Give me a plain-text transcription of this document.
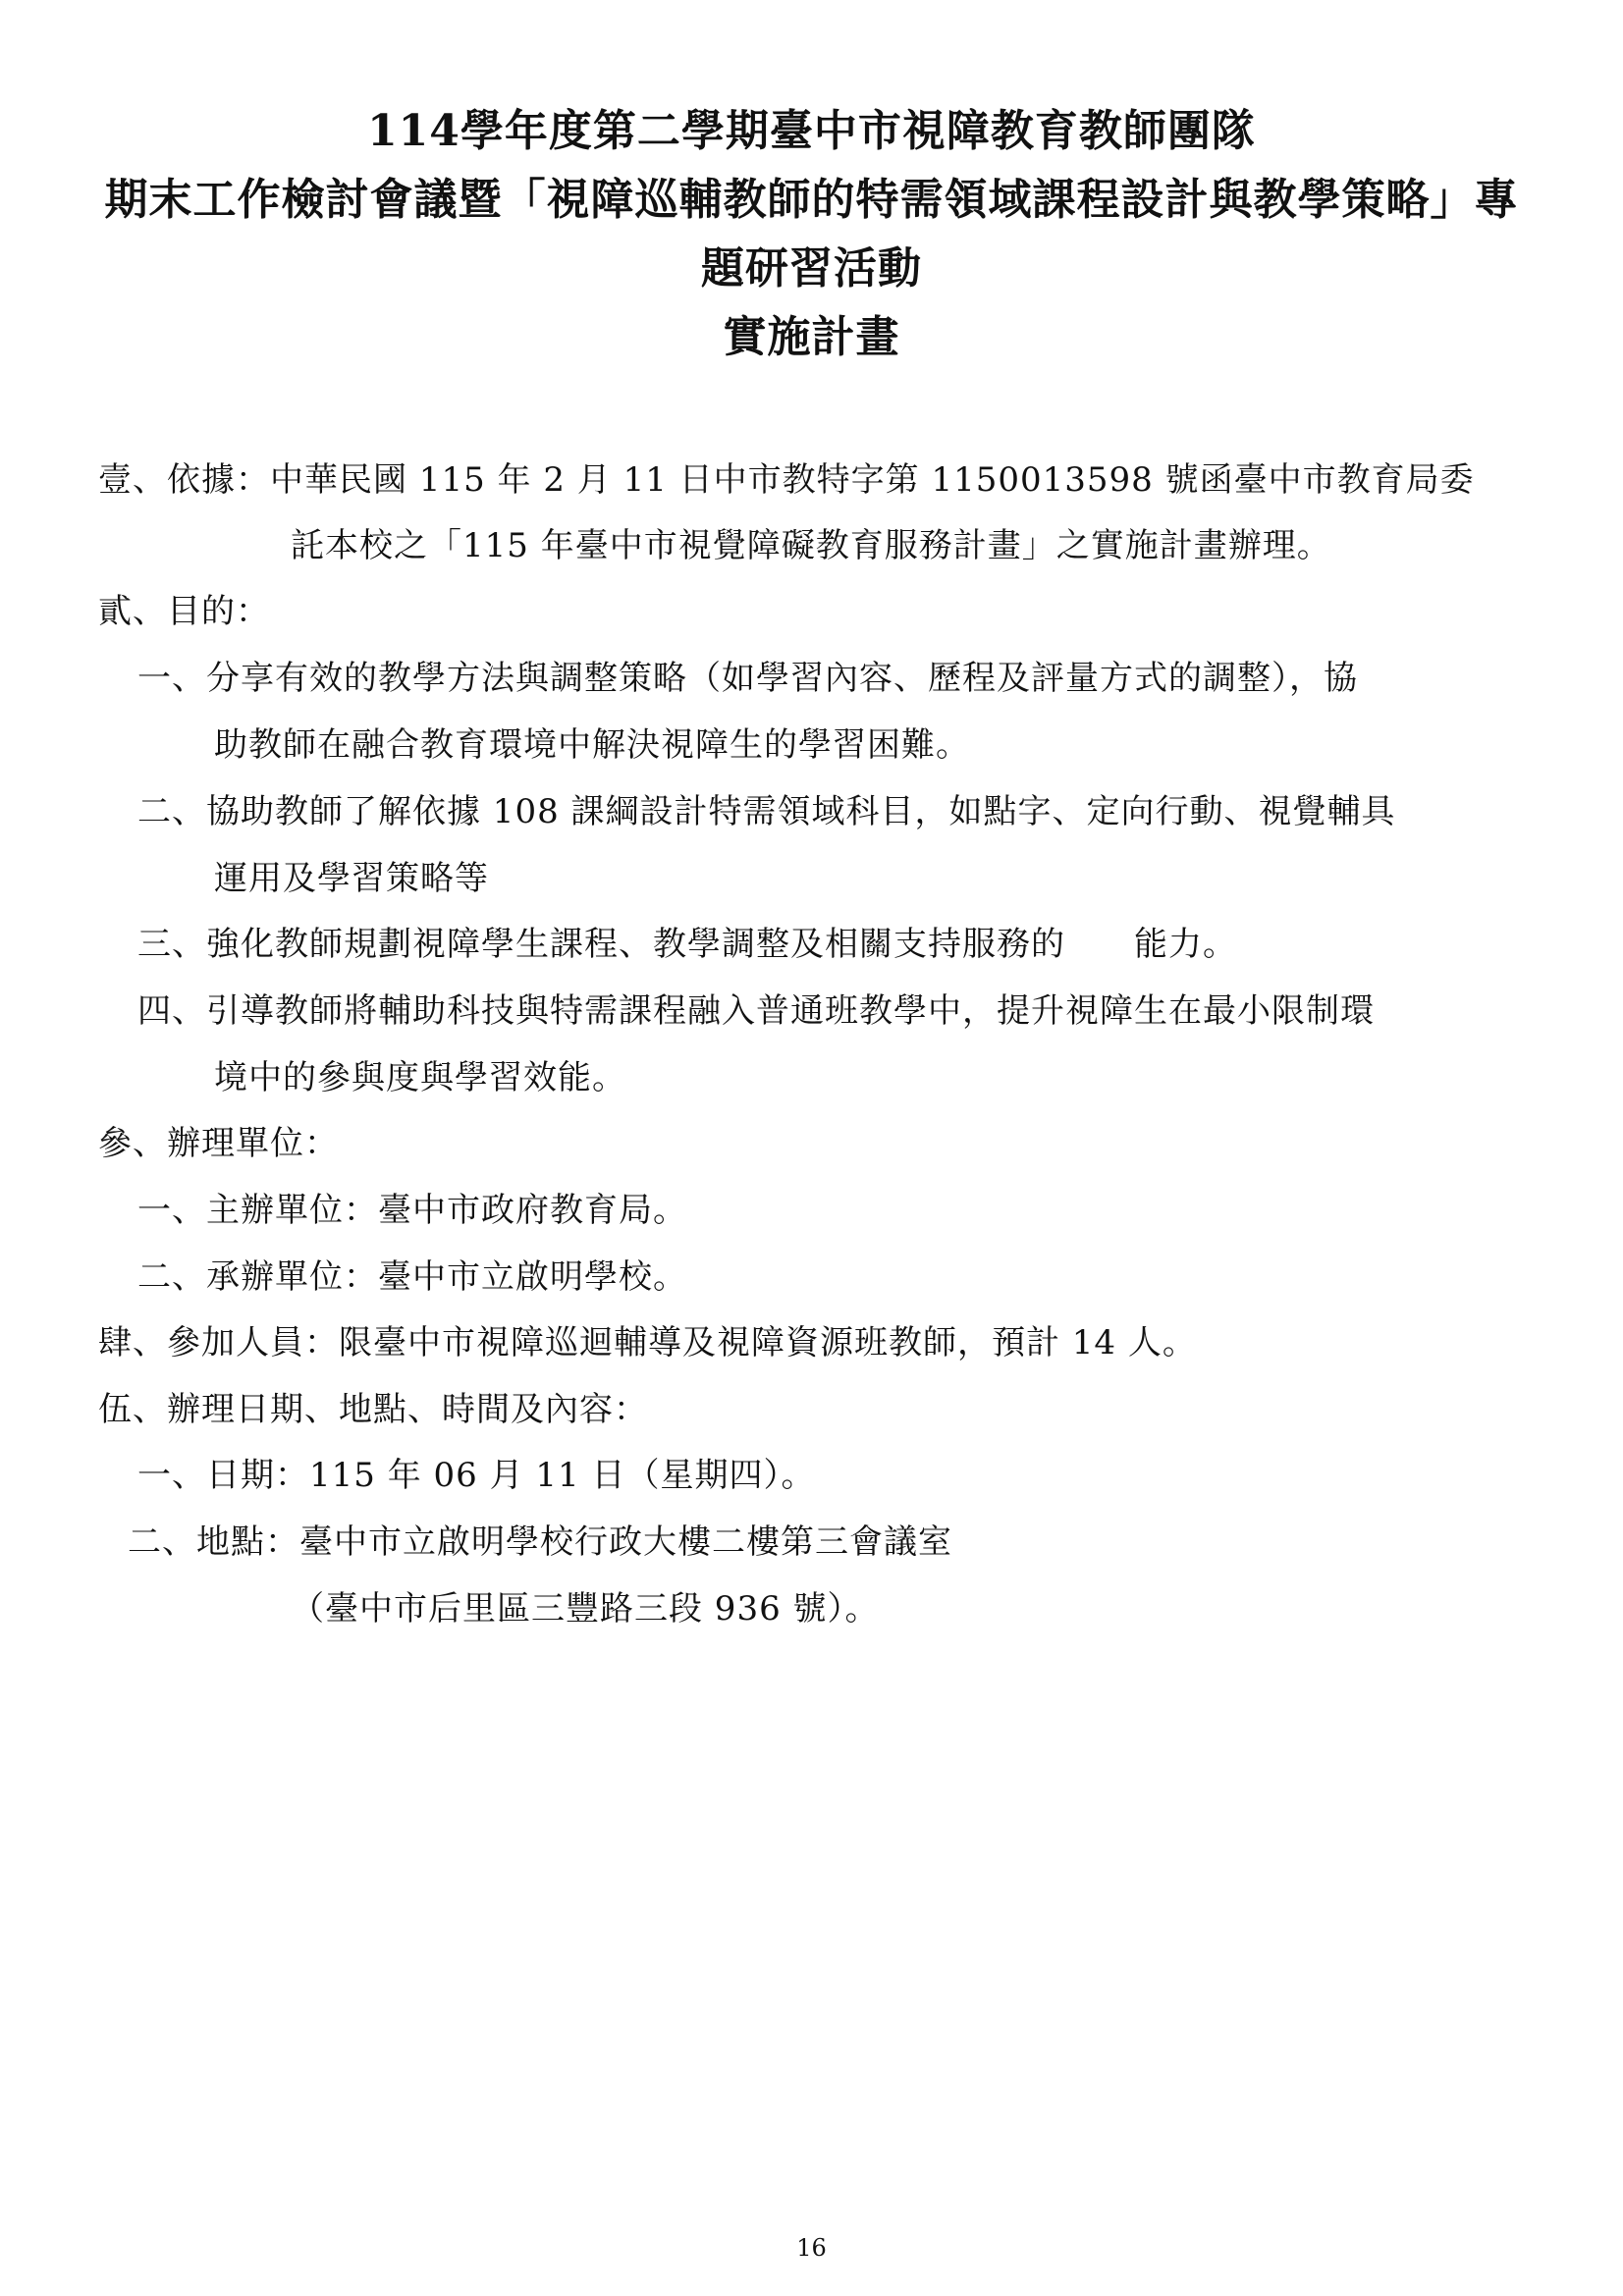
114學年度第二學期臺中市視障教育教師團隊
期末工作檢討會議暨「視障巡輔教師的特需領域課程設計與教學策略」專
題研習活動
實施計畫
壹、依據：中華民國 115 年 2 月 11 日中市教特字第 1150013598 號函臺中市教育局委
託本校之「115 年臺中市視覺障礙教育服務計畫」之實施計畫辦理。
貳、目的：
一、分享有效的教學方法與調整策略（如學習內容、歷程及評量方式的調整），協
助教師在融合教育環境中解決視障生的學習困難。
二、協助教師了解依據 108 課綱設計特需領域科目，如點字、定向行動、視覺輔具
運用及學習策略等
三、強化教師規劃視障學生課程、教學調整及相關支持服務的　　能力。
四、引導教師將輔助科技與特需課程融入普通班教學中，提升視障生在最小限制環
境中的參與度與學習效能。
參、辦理單位：
一、主辦單位：臺中市政府教育局。
二、承辦單位：臺中市立啟明學校。
肆、參加人員：限臺中市視障巡迴輔導及視障資源班教師，預計 14 人。
伍、辦理日期、地點、時間及內容：
一、日期：115 年 06 月 11 日（星期四）。
二、地點：臺中市立啟明學校行政大樓二樓第三會議室
（臺中市后里區三豐路三段 936 號）。
16
